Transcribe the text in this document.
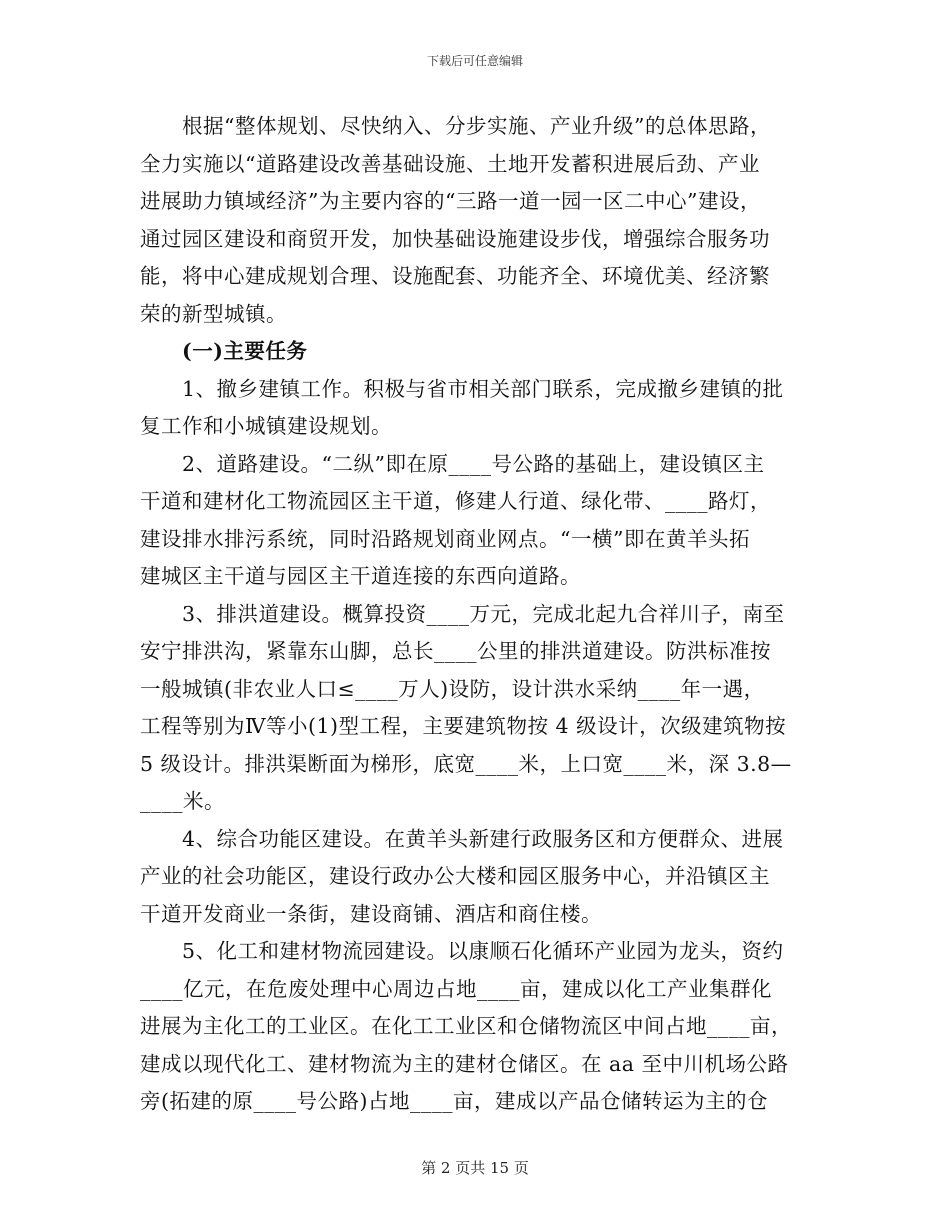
下载后可任意编辑
根据“整体规划、尽快纳入、分步实施、产业升级”的总体思路，
全力实施以“道路建设改善基础设施、土地开发蓄积进展后劲、产业
进展助力镇域经济”为主要内容的“三路一道一园一区二中心”建设，
通过园区建设和商贸开发，加快基础设施建设步伐，增强综合服务功
能，将中心建成规划合理、设施配套、功能齐全、环境优美、经济繁
荣的新型城镇。
(一)主要任务
1、撤乡建镇工作。积极与省市相关部门联系，完成撤乡建镇的批
复工作和小城镇建设规划。
2、道路建设。“二纵”即在原____号公路的基础上，建设镇区主
干道和建材化工物流园区主干道，修建人行道、绿化带、____路灯，
建设排水排污系统，同时沿路规划商业网点。“一横”即在黄羊头拓
建城区主干道与园区主干道连接的东西向道路。
3、排洪道建设。概算投资____万元，完成北起九合祥川子，南至
安宁排洪沟，紧靠东山脚，总长____公里的排洪道建设。防洪标准按
一般城镇(非农业人口≤____万人)设防，设计洪水采纳____年一遇，
工程等别为Ⅳ等小(1)型工程，主要建筑物按 4 级设计，次级建筑物按
5 级设计。排洪渠断面为梯形，底宽____米，上口宽____米，深 3.8—
____米。
4、综合功能区建设。在黄羊头新建行政服务区和方便群众、进展
产业的社会功能区，建设行政办公大楼和园区服务中心，并沿镇区主
干道开发商业一条街，建设商铺、酒店和商住楼。
5、化工和建材物流园建设。以康顺石化循环产业园为龙头，资约
____亿元，在危废处理中心周边占地____亩，建成以化工产业集群化
进展为主化工的工业区。在化工工业区和仓储物流区中间占地____亩，
建成以现代化工、建材物流为主的建材仓储区。在 aa 至中川机场公路
旁(拓建的原____号公路)占地____亩，建成以产品仓储转运为主的仓
第 2 页共 15 页
